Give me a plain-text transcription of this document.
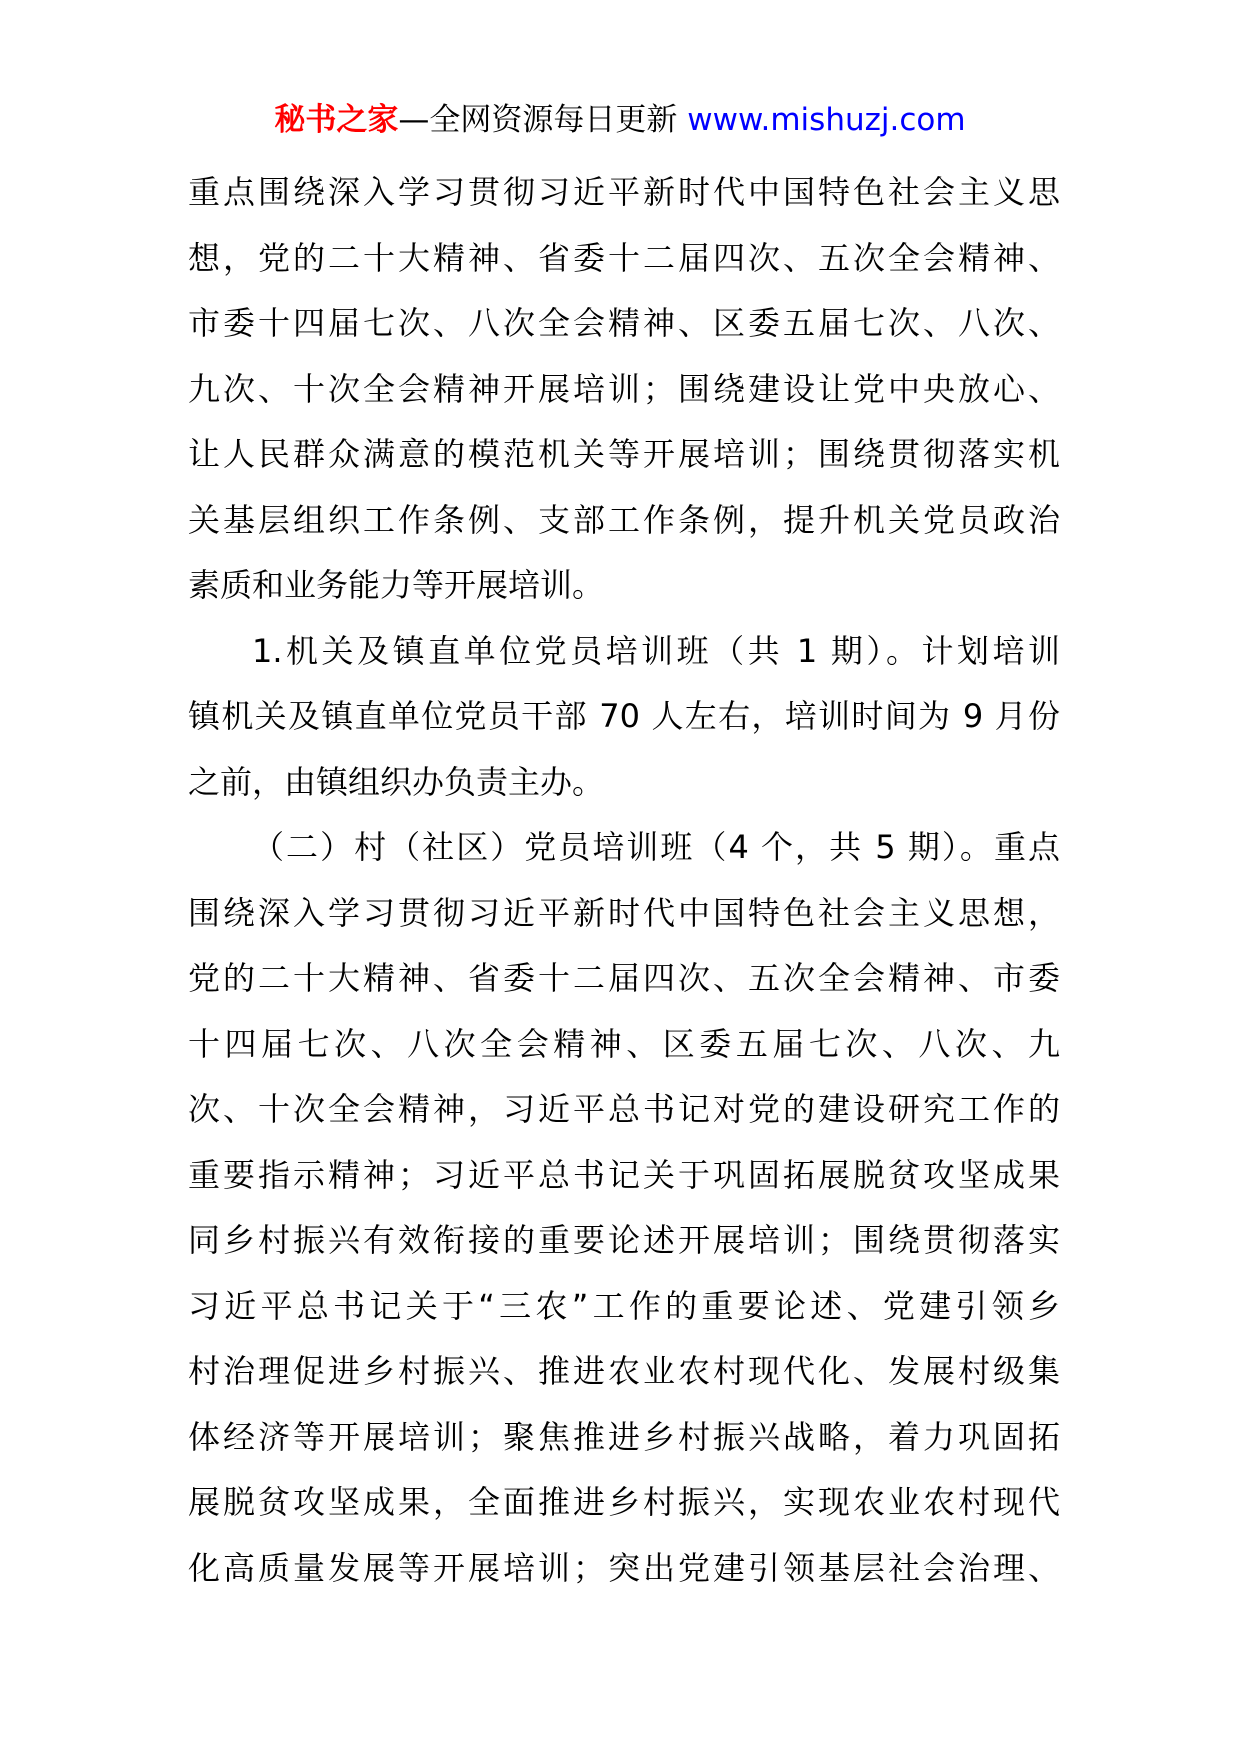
秘书之家—全网资源每日更新 www.mishuzj.com
重点围绕深入学习贯彻习近平新时代中国特色社会主义思
想，党的二十大精神、省委十二届四次、五次全会精神、
市委十四届七次、八次全会精神、区委五届七次、八次、
九次、十次全会精神开展培训；围绕建设让党中央放心、
让人民群众满意的模范机关等开展培训；围绕贯彻落实机
关基层组织工作条例、支部工作条例，提升机关党员政治
素质和业务能力等开展培训。
1.机关及镇直单位党员培训班（共 1 期）。计划培训
镇机关及镇直单位党员干部 70 人左右，培训时间为 9 月份
之前，由镇组织办负责主办。
（二）村（社区）党员培训班（4 个，共 5 期）。重点
围绕深入学习贯彻习近平新时代中国特色社会主义思想，
党的二十大精神、省委十二届四次、五次全会精神、市委
十四届七次、八次全会精神、区委五届七次、八次、九
次、十次全会精神，习近平总书记对党的建设研究工作的
重要指示精神；习近平总书记关于巩固拓展脱贫攻坚成果
同乡村振兴有效衔接的重要论述开展培训；围绕贯彻落实
习近平总书记关于“三农”工作的重要论述、党建引领乡
村治理促进乡村振兴、推进农业农村现代化、发展村级集
体经济等开展培训；聚焦推进乡村振兴战略，着力巩固拓
展脱贫攻坚成果，全面推进乡村振兴，实现农业农村现代
化高质量发展等开展培训；突出党建引领基层社会治理、
